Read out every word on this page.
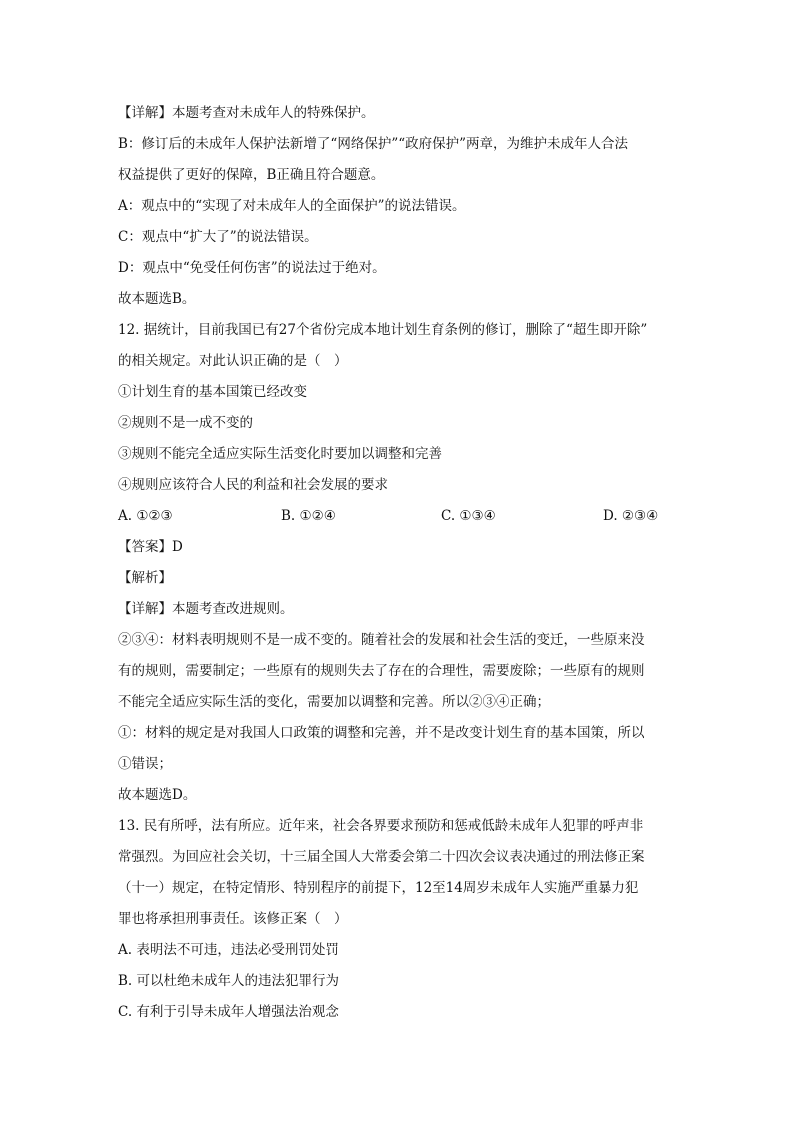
【详解】本题考查对未成年人的特殊保护。
B：修订后的未成年人保护法新增了“网络保护”“政府保护”两章，为维护未成年人合法
权益提供了更好的保障，B正确且符合题意。
A：观点中的“实现了对未成年人的全面保护”的说法错误。
C：观点中“扩大了”的说法错误。
D：观点中“免受任何伤害”的说法过于绝对。
故本题选B。
12. 据统计，目前我国已有27个省份完成本地计划生育条例的修订，删除了“超生即开除”
的相关规定。对此认识正确的是（　）
①计划生育的基本国策已经改变
②规则不是一成不变的
③规则不能完全适应实际生活变化时要加以调整和完善
④规则应该符合人民的利益和社会发展的要求
A. ①②③	B. ①②④	C. ①③④	D. ②③④
【答案】D
【解析】
【详解】本题考查改进规则。
②③④：材料表明规则不是一成不变的。随着社会的发展和社会生活的变迁，一些原来没
有的规则，需要制定；一些原有的规则失去了存在的合理性，需要废除；一些原有的规则
不能完全适应实际生活的变化，需要加以调整和完善。所以②③④正确；
①：材料的规定是对我国人口政策的调整和完善，并不是改变计划生育的基本国策，所以
①错误；
故本题选D。
13. 民有所呼，法有所应。近年来，社会各界要求预防和惩戒低龄未成年人犯罪的呼声非
常强烈。为回应社会关切，十三届全国人大常委会第二十四次会议表决通过的刑法修正案
（十一）规定，在特定情形、特别程序的前提下，12至14周岁未成年人实施严重暴力犯
罪也将承担刑事责任。该修正案（　）
A. 表明法不可违，违法必受刑罚处罚
B. 可以杜绝未成年人的违法犯罪行为
C. 有利于引导未成年人增强法治观念
